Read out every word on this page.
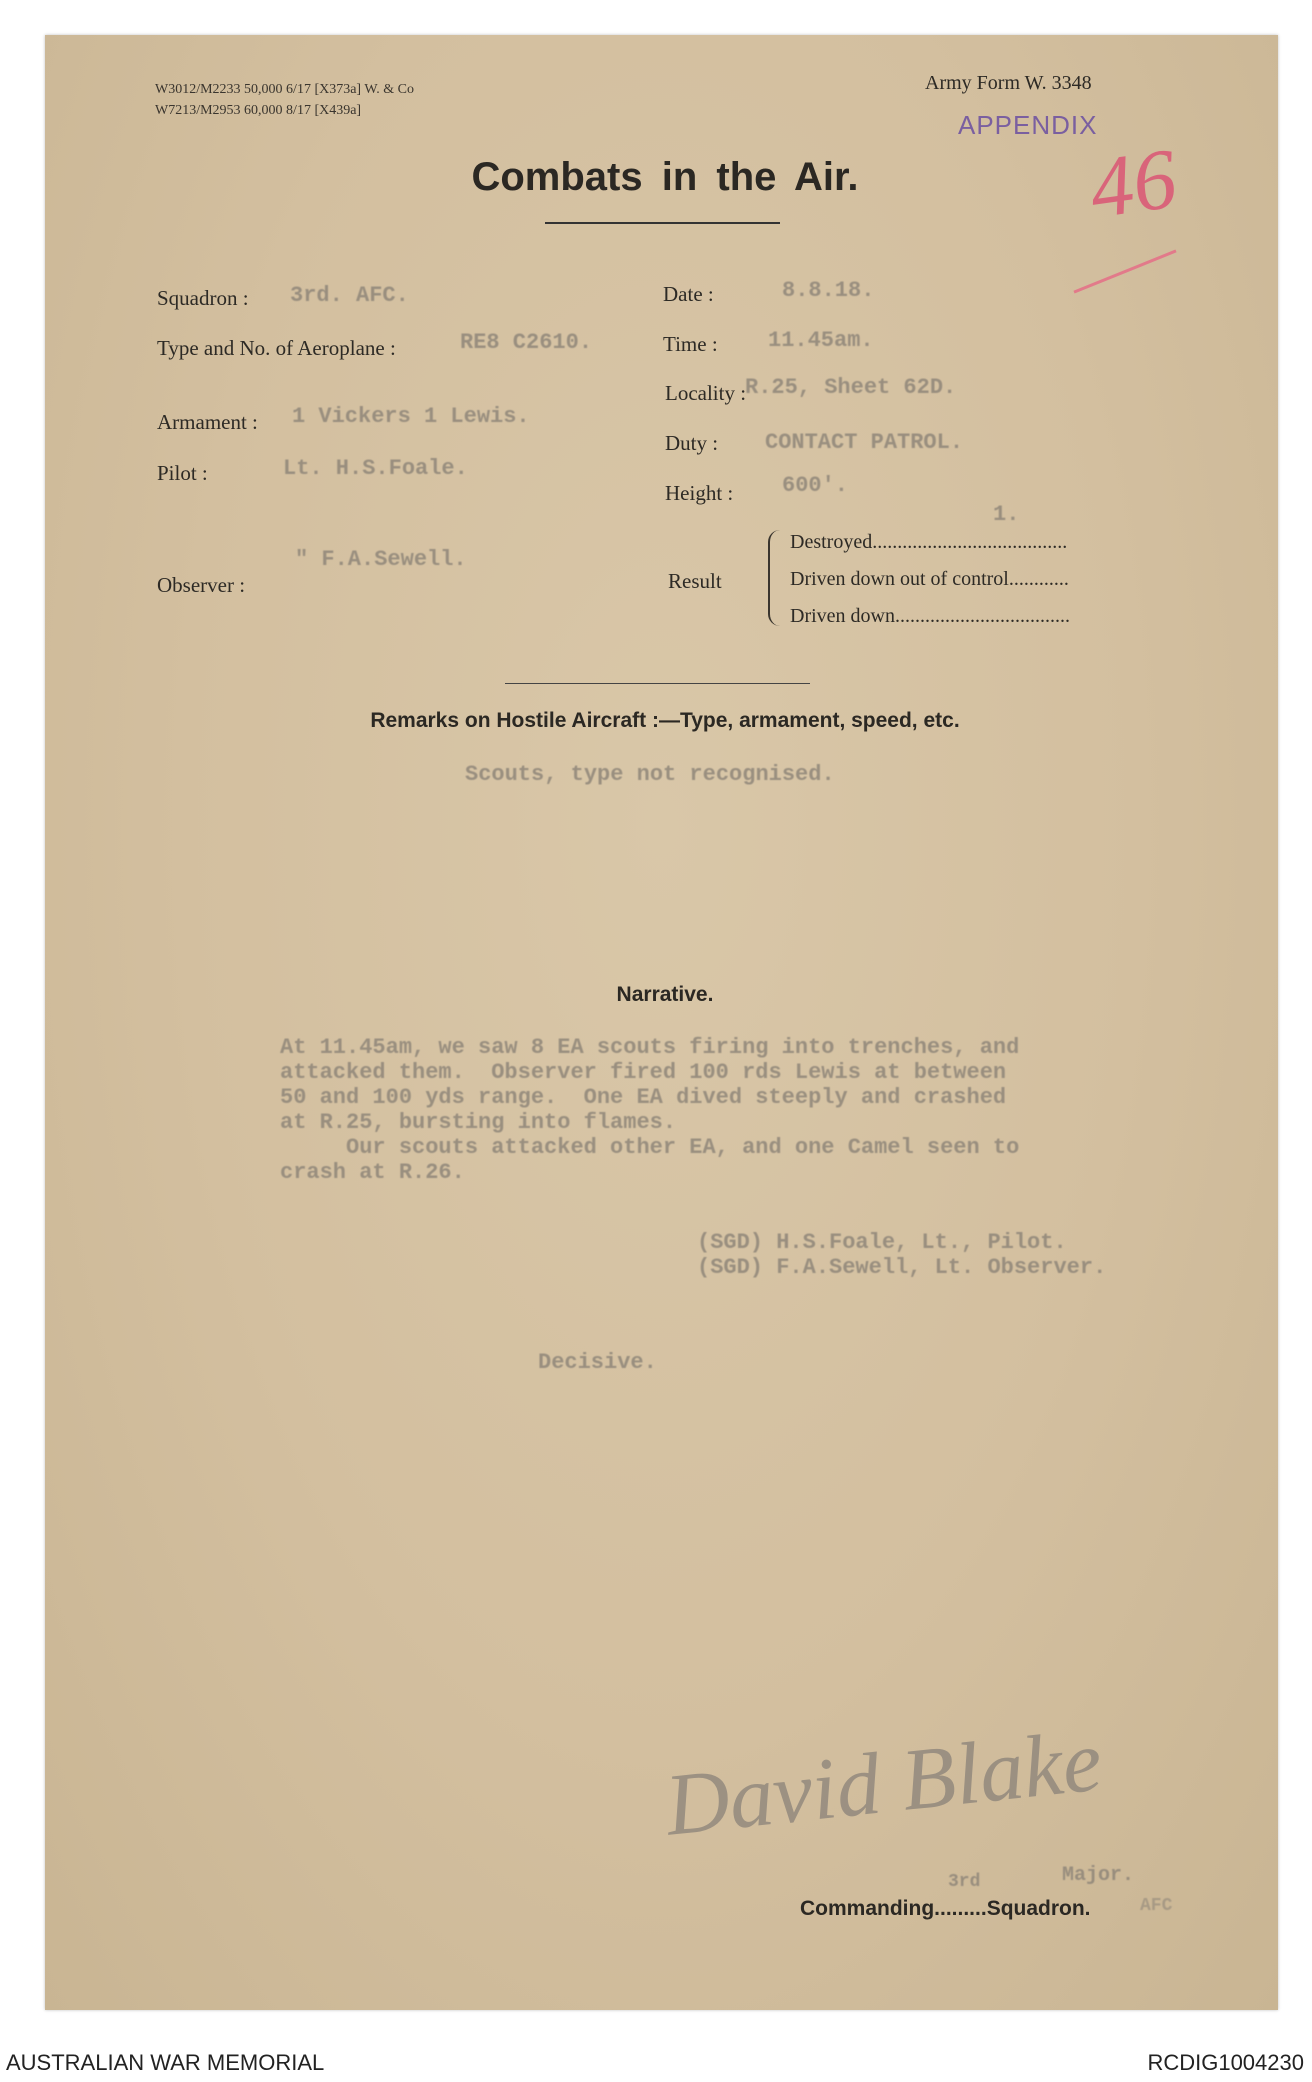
W3012/M2233 50,000 6/17 [X373a] W. & Co
W7213/M2953 60,000 8/17 [X439a]
Army Form W. 3348
APPENDIX
46
Combats in the Air.
Squadron : 3rd. AFC.
Type and No. of Aeroplane :	RE8 C2610.
Armament : 1 Vickers 1 Lewis.
Pilot :	Lt. H.S.Foale.
Observer :
" F.A.Sewell.
Date :	8.8.18.
Time : 11.45am.
Locality :
R.25, Sheet 62D.
Duty : CONTACT PATROL.
Height : 600'.
Result
Destroyed.......................................
1.
Driven down out of control............
Driven down...................................
Remarks on Hostile Aircraft :—Type, armament, speed, etc.
Scouts, type not recognised.
Narrative.
At 11.45am, we saw 8 EA scouts firing into trenches, and
attacked them.  Observer fired 100 rds Lewis at between
50 and 100 yds range.  One EA dived steeply and crashed
at R.25, bursting into flames.
Our scouts attacked other EA, and one Camel seen to
crash at R.26.
(SGD) H.S.Foale, Lt., Pilot.
(SGD) F.A.Sewell, Lt. Observer.
Decisive.
David Blake
Major.
3rd
AFC
Commanding.........Squadron.
AUSTRALIAN WAR MEMORIAL	RCDIG1004230
